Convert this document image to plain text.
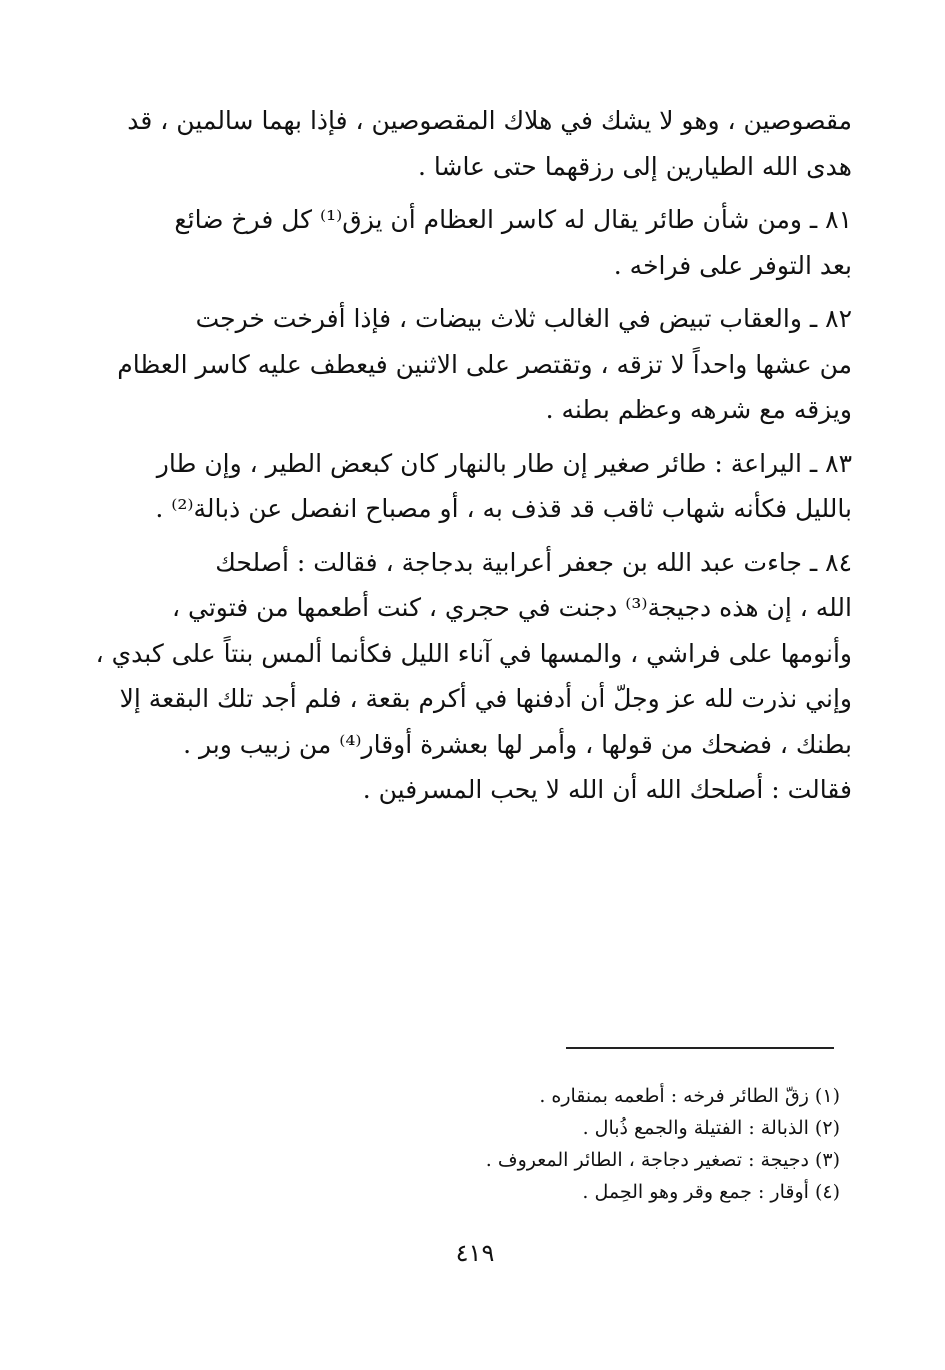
مقصوصين ، وهو لا يشك في هلاك المقصوصين ، فإذا بهما سالمين ، قد
هدى الله الطيارين إلى رزقهما حتى عاشا .
٨١ ـ ومن شأن طائر يقال له كاسر العظام أن يزق⁽¹⁾ كل فرخ ضائع
بعد التوفر على فراخه .
٨٢ ـ والعقاب تبيض في الغالب ثلاث بيضات ، فإذا أفرخت خرجت
من عشها واحداً لا تزقه ، وتقتصر على الاثنين فيعطف عليه كاسر العظام
ويزقه مع شرهه وعظم بطنه .
٨٣ ـ اليراعة : طائر صغير إن طار بالنهار كان كبعض الطير ، وإن طار
بالليل فكأنه شهاب ثاقب قد قذف به ، أو مصباح انفصل عن ذبالة⁽²⁾ .
٨٤ ـ جاءت عبد الله بن جعفر أعرابية بدجاجة ، فقالت : أصلحك
الله ، إن هذه دجيجة⁽³⁾ دجنت في حجري ، كنت أطعمها من فتوتي ،
وأنومها على فراشي ، والمسها في آناء الليل فكأنما ألمس بنتاً على كبدي ،
وإني نذرت لله عز وجلّ أن أدفنها في أكرم بقعة ، فلم أجد تلك البقعة إلا
بطنك ، فضحك من قولها ، وأمر لها بعشرة أوقار⁽⁴⁾ من زبيب وبر .
فقالت : أصلحك الله أن الله لا يحب المسرفين .
(١) زقّ الطائر فرخه : أطعمه بمنقاره .
(٢) الذبالة : الفتيلة والجمع ذُبال .
(٣) دجيجة : تصغير دجاجة ، الطائر المعروف .
(٤) أوقار : جمع وقر وهو الحِمل .
٤١٩
